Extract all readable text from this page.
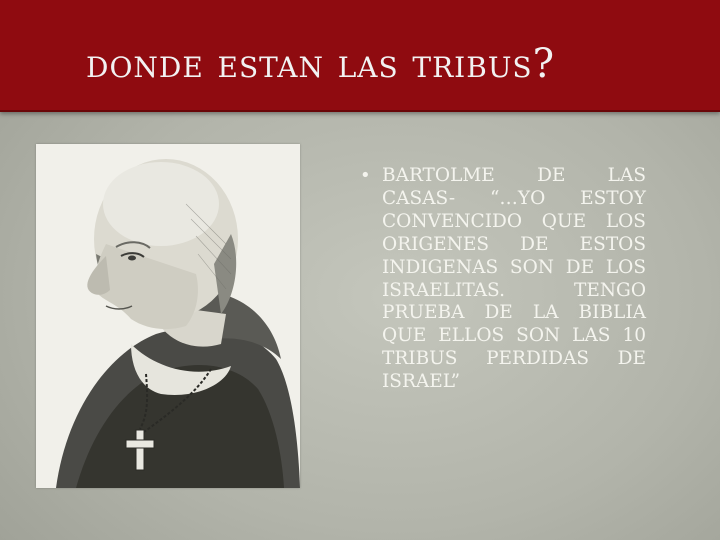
donde estan las tribus?
• BARTOLME DE LAS CASAS- “…YO ESTOY CONVENCIDO QUE LOS ORIGENES DE ESTOS INDIGENAS SON DE LOS ISRAELITAS. TENGO PRUEBA DE LA BIBLIA QUE ELLOS SON LAS 10 TRIBUS PERDIDAS DE ISRAEL”
